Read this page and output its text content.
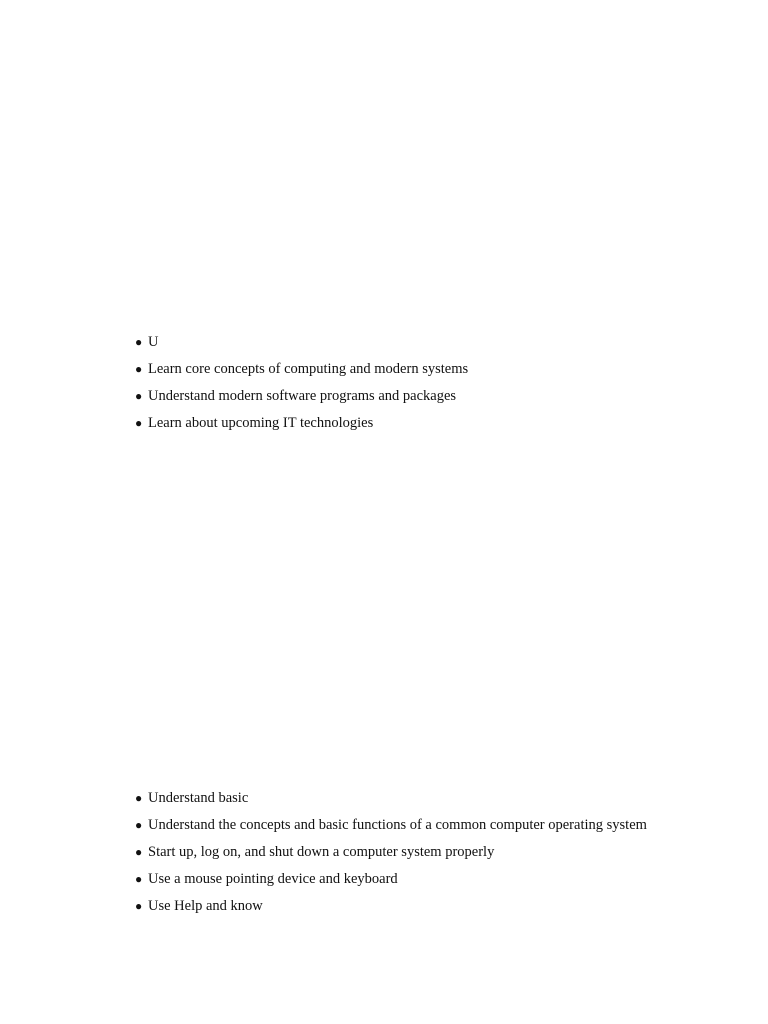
● U
● Learn core concepts of computing and modern systems
● Understand modern software programs and packages
● Learn about upcoming IT technologies
● Understand basic
● Understand the concepts and basic functions of a common computer operating system
● Start up, log on, and shut down a computer system properly
● Use a mouse pointing device and keyboard
● Use Help and know
